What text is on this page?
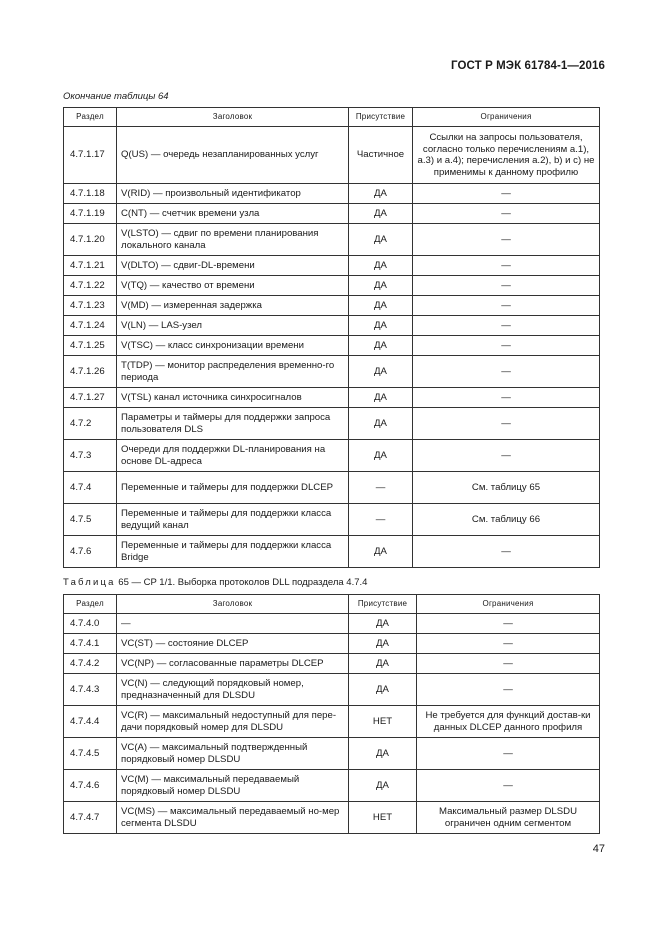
ГОСТ Р МЭК 61784-1—2016
Окончание таблицы 64
Раздел	Заголовок	Присутствие	Ограничения
4.7.1.17	Q(US) — очередь незапланированных услуг	Частичное	Ссылки на запросы пользователя, согласно только перечислениям a.1), a.3) и a.4); перечисления a.2), b) и c) не применимы к данному профилю
4.7.1.18	V(RID) — произвольный идентификатор	ДА	—
4.7.1.19	C(NT) — счетчик времени узла	ДА	—
4.7.1.20	V(LSTO) — сдвиг по времени планирования локального канала	ДА	—
4.7.1.21	V(DLTO) — сдвиг-DL-времени	ДА	—
4.7.1.22	V(TQ) — качество от времени	ДА	—
4.7.1.23	V(MD) — измеренная задержка	ДА	—
4.7.1.24	V(LN) — LAS-узел	ДА	—
4.7.1.25	V(TSC) — класс синхронизации времени	ДА	—
4.7.1.26	T(TDP) — монитор распределения временно-го периода	ДА	—
4.7.1.27	V(TSL) канал источника синхросигналов	ДА	—
4.7.2	Параметры и таймеры для поддержки запроса пользователя DLS	ДА	—
4.7.3	Очереди для поддержки DL-планирования на основе DL-адреса	ДА	—
4.7.4	Переменные и таймеры для поддержки DLCEP	—	См. таблицу 65
4.7.5	Переменные и таймеры для поддержки класса ведущий канал	—	См. таблицу 66
4.7.6	Переменные и таймеры для поддержки класса Bridge	ДА	—
Таблица 65 — CP 1/1. Выборка протоколов DLL подраздела 4.7.4
Раздел	Заголовок	Присутствие	Ограничения
4.7.4.0	—	ДА	—
4.7.4.1	VC(ST) — состояние DLCEP	ДА	—
4.7.4.2	VC(NP) — согласованные параметры DLCEP	ДА	—
4.7.4.3	VC(N) — следующий порядковый номер, предназначенный для DLSDU	ДА	—
4.7.4.4	VC(R) — максимальный недоступный для пере-дачи порядковый номер для DLSDU	НЕТ	Не требуется для функций достав-ки данных DLCEP данного профиля
4.7.4.5	VC(A) — максимальный подтвержденный порядковый номер DLSDU	ДА	—
4.7.4.6	VC(M) — максимальный передаваемый порядковый номер DLSDU	ДА	—
4.7.4.7	VC(MS) — максимальный передаваемый но-мер сегмента DLSDU	НЕТ	Максимальный размер DLSDU ограничен одним сегментом
47
